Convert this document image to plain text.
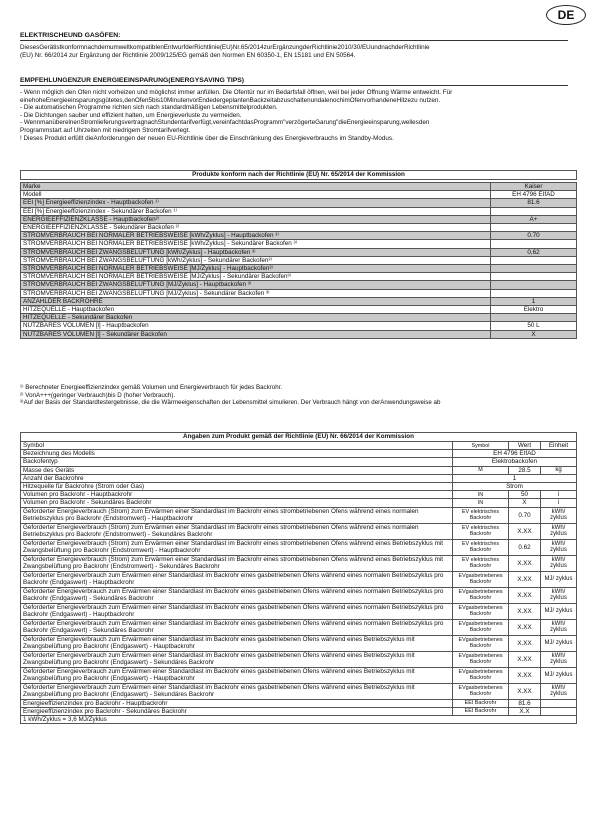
DE
ELEKTRISCHEUND GASÖFEN:
DiesesGerätistkonformnachdemumweltkompatiblenEntwurfderRichtlinie(EU)Nr.65/2014zurErgänzungderRichtlinie2010/30/EUundnachderRichtlinie
(EU) Nr. 66/2014 zur Ergänzung der Richtlinie 2009/125/EG gemäß den Normen EN 60350-1, EN 15181 und EN 50564.
EMPFEHLUNGENZUR ENERGIEEINSPARUNG(ENERGYSAVING TIPS)
- Wenn möglich den Ofen nicht vorheizen und möglichst immer anfüllen. Die Ofentür nur im Bedarfsfall öffnen, weil bei jeder Öffnung Wärme entweicht. Für
einehoheEnergieeinsparungsgütetes,denOfen5bis10MinutenvorEndedergeplantenBackzeitabzuschaltenundalenochimOfenvorhandeneHitzezu nutzen.
- Die automatischen Programme richten sich nach standardmäßigen Lebensmittelprodukten.
- Die Dichtungen sauber und effizient halten, um Energieverluste zu vermeiden.
- WennmanüberelnenStromlieferungsvertragnachStundentarifverfügt,vereinfachtdasProgramm"verzögerteGarung"dieEnergieeinsparung,wellesden
Programmstart auf Uhrzeiten mit niedrigem Stromtarifverlegt.
! Dieses Produkt erfüllt dieAnforderungen der neuen EU-Richtlinie über die Einschränkung des Energieverbrauchs im Standby-Modus.
Produkte konform nach der Richtlinie (EU) Nr. 65/2014 der Kommission	

Marke	Kaiser
Modell	EH 4796 EIfAD
EEI [%] Energieeffizienzindex - Hauptbackofen ¹⁾	81.6
EEI [%] Energieeffizienzindex - Sekundärer Backofen ¹⁾	
ENERGIEEFFIZIENZKLASSE - Hauptbackofen²⁾	A+
ENERGIEEFFIZIENZKLASSE - Sekundärer Backofen ²⁾	
STROMVERBRAUCH BEI NORMALER BETRIEBSWEISE [kWh/Zyklus] - Hauptbackofen ³⁾	0.70
STROMVERBRAUCH BEI NORMALER BETRIEBSWEISE [kWh/Zyklus] - Sekundärer Backofen ³⁾	
STROMVERBRAUCH BEI ZWANGSBELÜFTUNG [kWh/Zyklus] - Hauptbackofen ³⁾	0,62
STROMVERBRAUCH BEI ZWANGSBELÜFTUNG [kWh/Zyklus] - Sekundärer Backofen³⁾	
STROMVERBRAUCH BEI NORMALER BETRIEBSWEISE [MJ/Zyklus] - Hauptbackofen³⁾	
STROMVERBRAUCH BEI NORMALER BETRIEBSWEISE [MJ/Zyklus] - Sekundärer Backofen³⁾	
STROMVERBRAUCH BEI ZWANGSBELÜFTUNG [MJ/Zyklus] - Hauptbackofen ³⁾	
STROMVERBRAUCH BEI ZWANGSBELÜFTUNG [MJ/Zyklus] - Sekundärer Backofen ³⁾	
ANZAHLDER BACKROHRE	1
HITZEQUELLE - Hauptbackofen	Elektro
HITZEQUELLE - Sekundärer Backofen	
NUTZBARES VOLUMEN [l] - Hauptbackofen	50 L
NUTZBARES VOLUMEN [l] - Sekundärer Backofen	X
¹⁾ Berechneter Energieeffizienzindex gemäß Volumen und Energieverbrauch für jedes Backrohr.
²⁾ VonA+++(geringer Verbrauch)bis D (hoher Verbrauch).
³⁾Auf der Basis der Standardtestergebnisse, die die Wärmeeigenschaften der Lebensmittel simulieren. Der Verbrauch hängt von derAnwendungsweise ab
Angaben zum Produkt gemäß der Richtlinie (EU) Nr. 66/2014 der Kommission			
Symbol	Symbol	Wert	Einheit
Bezeichnung des Modells	EH 4796 EIfAD		
Backofentyp	Elektrobackofen		
Masse des Geräts	M	28.5	kg
Anzahl der Backrohre	1		
Hitzequelle für Backrohre (Strom oder Gas)	Strom		
Volumen pro Backrohr - Hauptbackrohr	IN	50	l
Volumen pro Backrohr - Sekundäres Backrohr	IN	X	l
Geforderter Energieverbrauch (Strom) zum Erwärmen einer Standardlast im Backrohr eines strombetriebenen Ofens während eines normalen Betriebszyklus pro Backrohr (Endstromwert) - Hauptbackrohr	EV elektrisches Backrohr	0.70	kWh/ zyklus
Geforderter Energieverbrauch (Strom) zum Erwärmen einer Standardlast im Backrohr eines strombetriebenen Ofens während eines normalen Betriebszyklus pro Backrohr (Endstromwert) - Sekundäres Backrohr	EV elektrisches Backrohr	X.XX	kWh/ zyklus
Geforderter Energieverbrauch (Strom) zum Erwärmen einer Standardlast im Backrohr eines strombetriebenen Ofens während eines Betriebszyklus mit Zwangsbelüftung pro Backrohr (Endstromwert) - Hauptbackrohr	EV elektrisches Backrohr	0.62	kWh/ zyklus
Geforderter Energieverbrauch (Strom) zum Erwärmen einer Standardlast im Backrohr eines strombetriebenen Ofens während eines Betriebszyklus mit Zwangsbelüftung pro Backrohr (Endstromwert) - Sekundäres Backrohr	EV elektrisches Backrohr	X.XX	kWh/ zyklus
Geforderter Energieverbrauch zum Erwärmen einer Standardlast im Backrohr eines gasbetriebenen Ofens während eines normalen Betriebszyklus pro Backrohr (Endgaswert) - Hauptbackrohr	EVgasbetriebenes Backrohr	X.XX	MJ/ zyklus
Geforderter Energieverbrauch zum Erwärmen einer Standardlast im Backrohr eines gasbetriebenen Ofens während eines normalen Betriebszyklus pro Backrohr (Endgaswert) - Sekundäres Backrohr	EVgasbetriebenes Backrohr	X.XX	kWh/ zyklus
Geforderter Energieverbrauch zum Erwärmen einer Standardlast im Backrohr eines gasbetriebenen Ofens während eines normalen Betriebszyklus pro Backrohr (Endgaswert) - Hauptbackrohr	EVgasbetriebenes Backrohr	X.XX	MJ/ zyklus
Geforderter Energieverbrauch zum Erwärmen einer Standardlast im Backrohr eines gasbetriebenen Ofens während eines normalen Betriebszyklus pro Backrohr (Endgaswert) - Sekundäres Backrohr	EVgasbetriebenes Backrohr	X.XX	kWh/ zyklus
Geforderter Energieverbrauch zum Erwärmen einer Standardlast im Backrohr eines gasbetriebenen Ofens während eines Betriebszyklus mit Zwangsbelüftung pro Backrohr (Endgaswert) - Hauptbackrohr	EVgasbetriebenes Backrohr	X.XX	MJ/ zyklus
Geforderter Energieverbrauch zum Erwärmen einer Standardlast im Backrohr eines gasbetriebenen Ofens während eines Betriebszyklus mit Zwangsbelüftung pro Backrohr (Endgaswert) - Sekundäres Backrohr	EVgasbetriebenes Backrohr	X.XX	kWh/ zyklus
Geforderter Energieverbrauch zum Erwärmen einer Standardlast im Backrohr eines gasbetriebenen Ofens während eines Betriebszyklus mit Zwangsbelüftung pro Backrohr (Endgaswert) - Hauptbackrohr	EVgasbetriebenes Backrohr	X.XX	MJ/ zyklus
Geforderter Energieverbrauch zum Erwärmen einer Standardlast im Backrohr eines gasbetriebenen Ofens während eines Betriebszyklus mit Zwangsbelüftung pro Backrohr (Endgaswert) - Sekundäres Backrohr	EVgasbetriebenes Backrohr	X.XX	kWh/ zyklus
Energieeffizienzindex pro Backrohr - Hauptbackrohr	EEI Backrohr	81.6	
Energieeffizienzindex pro Backrohr - Sekundäres Backrohr	EEI Backrohr	X.X	
1 kWh/Zyklus = 3,6 MJ/Zyklus			
